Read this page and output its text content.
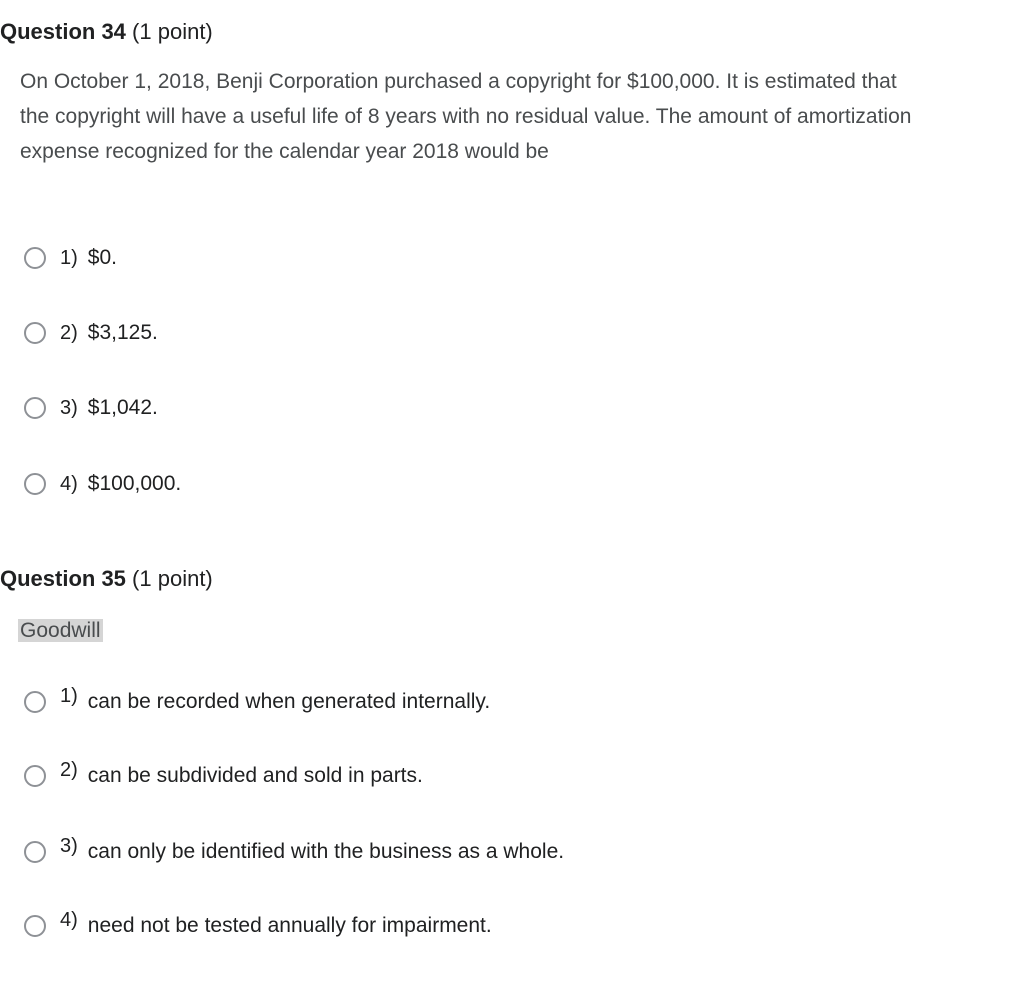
Question 34 (1 point)

On October 1, 2018, Benji Corporation purchased a copyright for $100,000. It is estimated that the copyright will have a useful life of 8 years with no residual value. The amount of amortization expense recognized for the calendar year 2018 would be

1) $0.
2) $3,125.
3) $1,042.
4) $100,000.
Question 35 (1 point)

Goodwill

1) can be recorded when generated internally.
2) can be subdivided and sold in parts.
3) can only be identified with the business as a whole.
4) need not be tested annually for impairment.
